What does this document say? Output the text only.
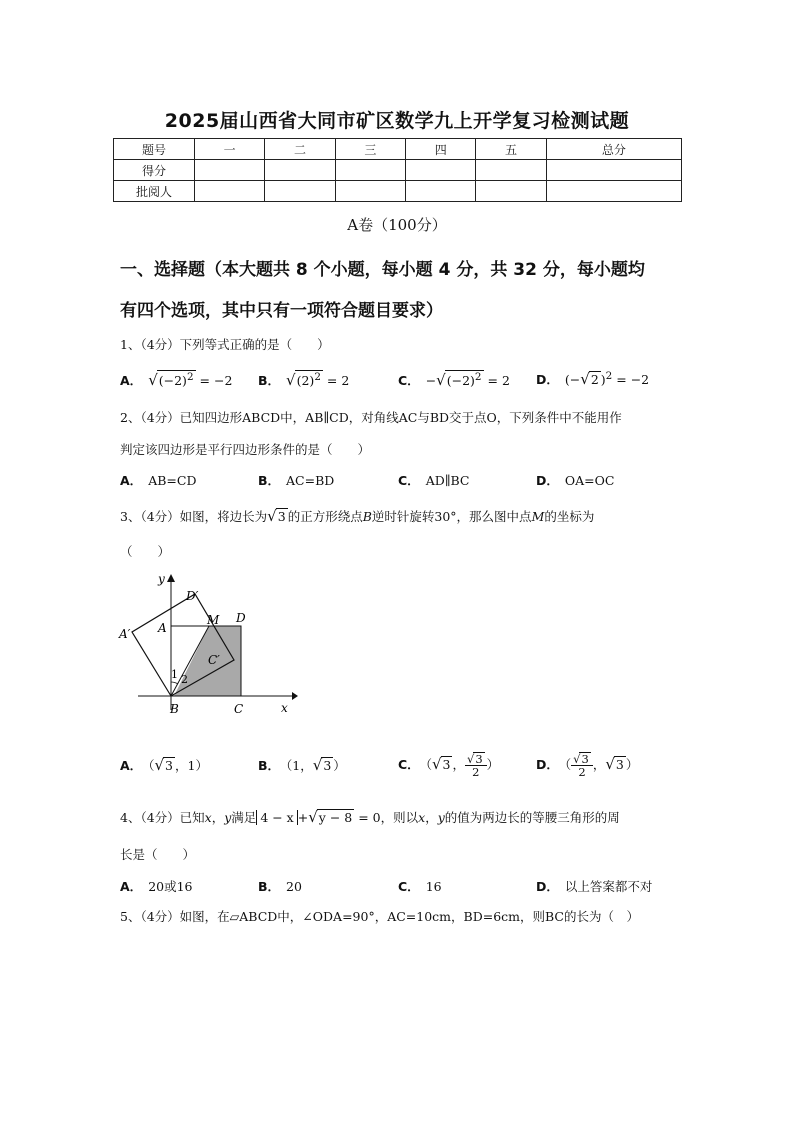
2025届山西省大同市矿区数学九上开学复习检测试题
题号	一	二	三	四	五	总分
得分						
批阅人						
A卷（100分）
一、选择题（本大题共 8 个小题，每小题 4 分，共 32 分，每小题均
有四个选项，其中只有一项符合题目要求）
1、（4分）下列等式正确的是（　　）
A． $√(-2)^2 = -2$ B． $√(2)^2 = 2$	C． $-√(-2)^2 = 2$ D． (−√2 )$^2$ = −2
2、（4分）已知四边形ABCD中，AB∥CD，对角线AC与BD交于点O，下列条件中不能用作
判定该四边形是平行四边形条件的是（　　）
A． AB=CD	B． AC=BD	C． AD∥BC	D． OA=OC
3、（4分）如图，将边长为√3 的正方形绕点B逆时针旋转30°，那么图中点M的坐标为
（　　）
y
x
D′
M D
A′ A
C′
1 2
B	C
A． （√3 ，1）	B． （1，√3 ）	C． （√3 ， $\frac{√3}{2}$ ）	D． （ $\frac{√3}{2}$ ，√3 ）
4、（4分）已知x，y满足 4 − x +√y − 8 = 0，则以x，y的值为两边长的等腰三角形的周
长是（　　）
A． 20或16	B． 20	C． 16	D． 以上答案都不对
5、（4分）如图，在▱ABCD中，∠ODA=90°，AC=10cm，BD=6cm，则BC的长为（　）
